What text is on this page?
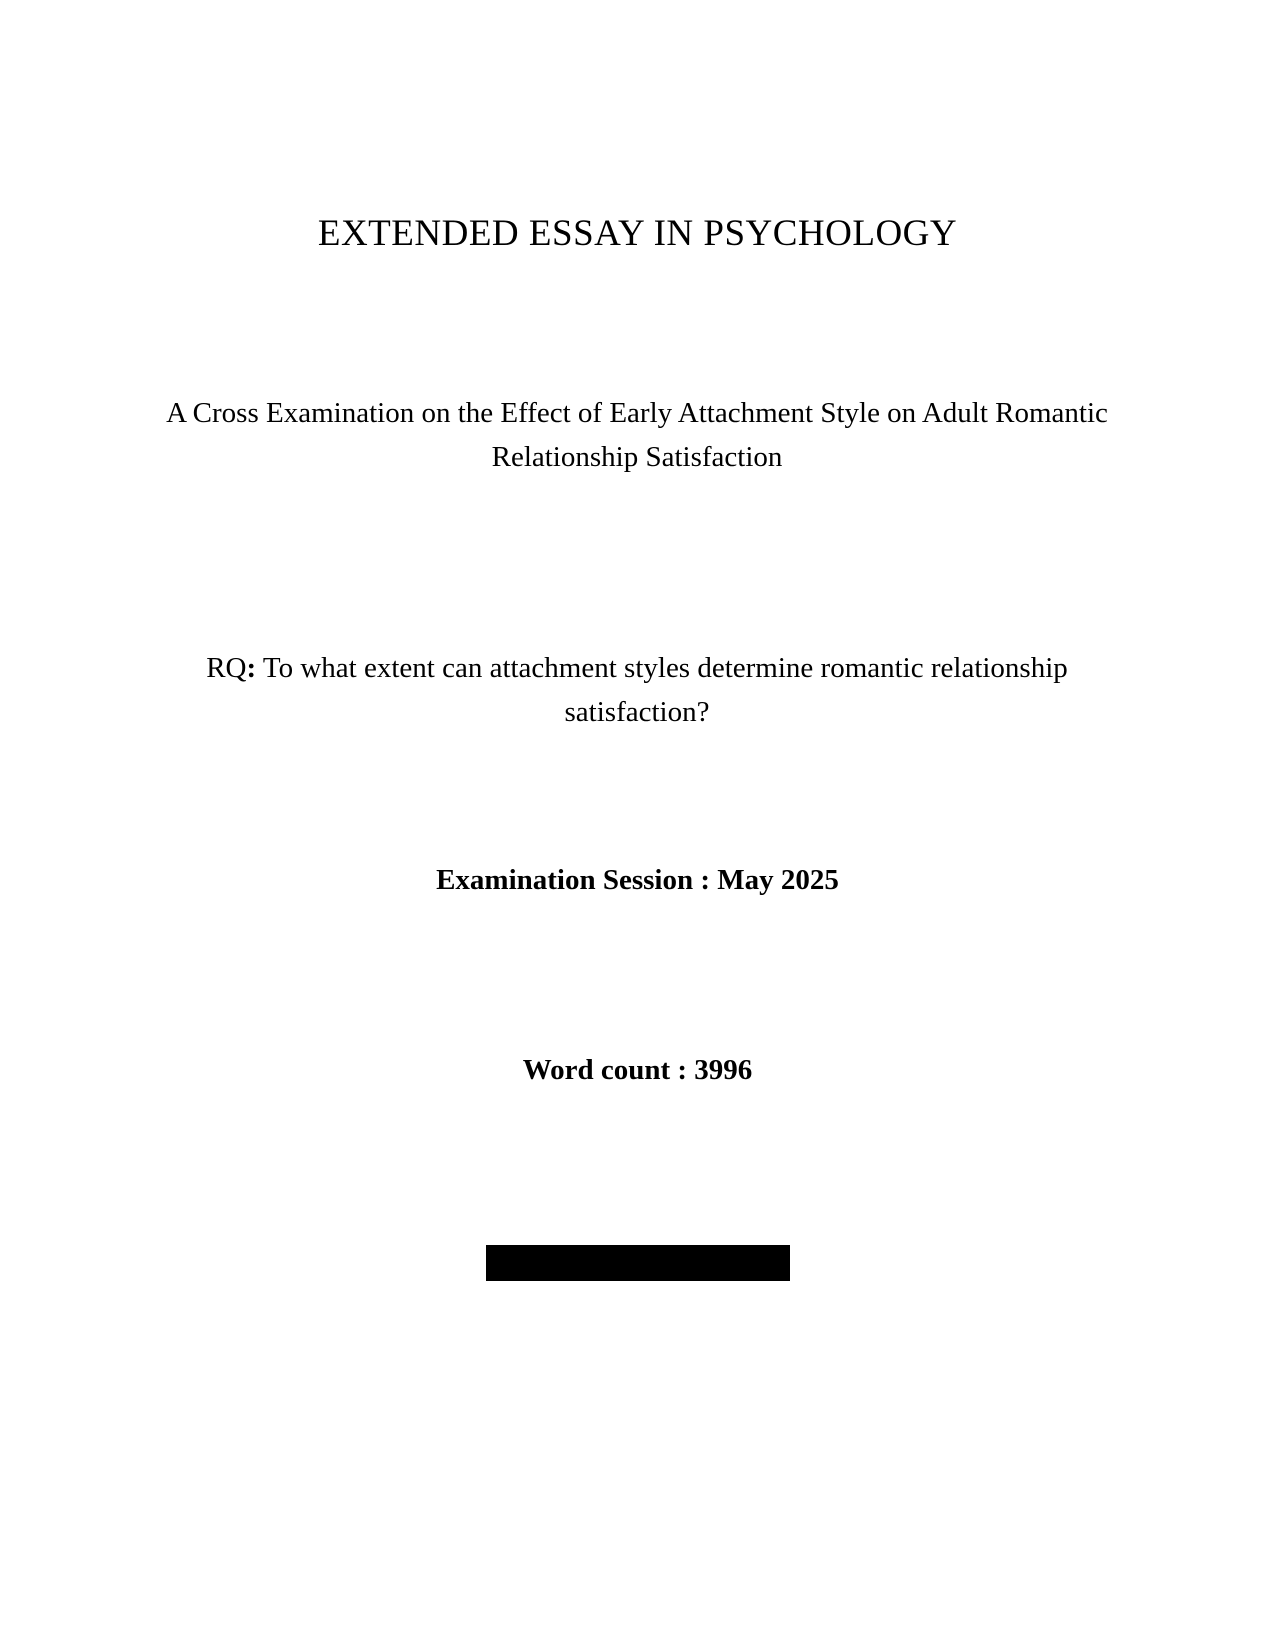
EXTENDED ESSAY IN PSYCHOLOGY
A Cross Examination on the Effect of Early Attachment Style on Adult Romantic Relationship Satisfaction
RQ: To what extent can attachment styles determine romantic relationship satisfaction?
Examination Session : May 2025
Word count : 3996
